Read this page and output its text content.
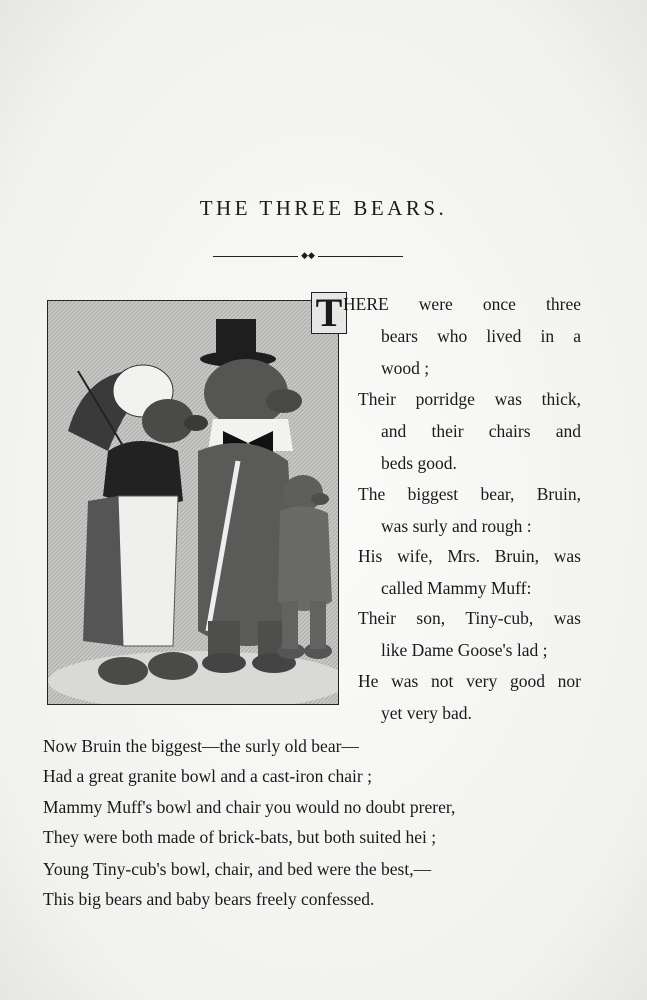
THE THREE BEARS.
◆◆
T HERE were once three
bears who lived in a
wood ;
Their porridge was thick,
and their chairs and
beds good.
The biggest bear, Bruin,
was surly and rough :
His wife, Mrs. Bruin, was
called Mammy Muff:
Their son, Tiny-cub, was
like Dame Goose's lad ;
He was not very good nor
yet very bad.
Now Bruin the biggest—the surly old bear—
Had a great granite bowl and a cast-iron chair ;
Mammy Muff's bowl and chair you would no doubt prerer,
They were both made of brick-bats, but both suited hei ;
Young Tiny-cub's bowl, chair, and bed were the best,—
This big bears and baby bears freely confessed.
